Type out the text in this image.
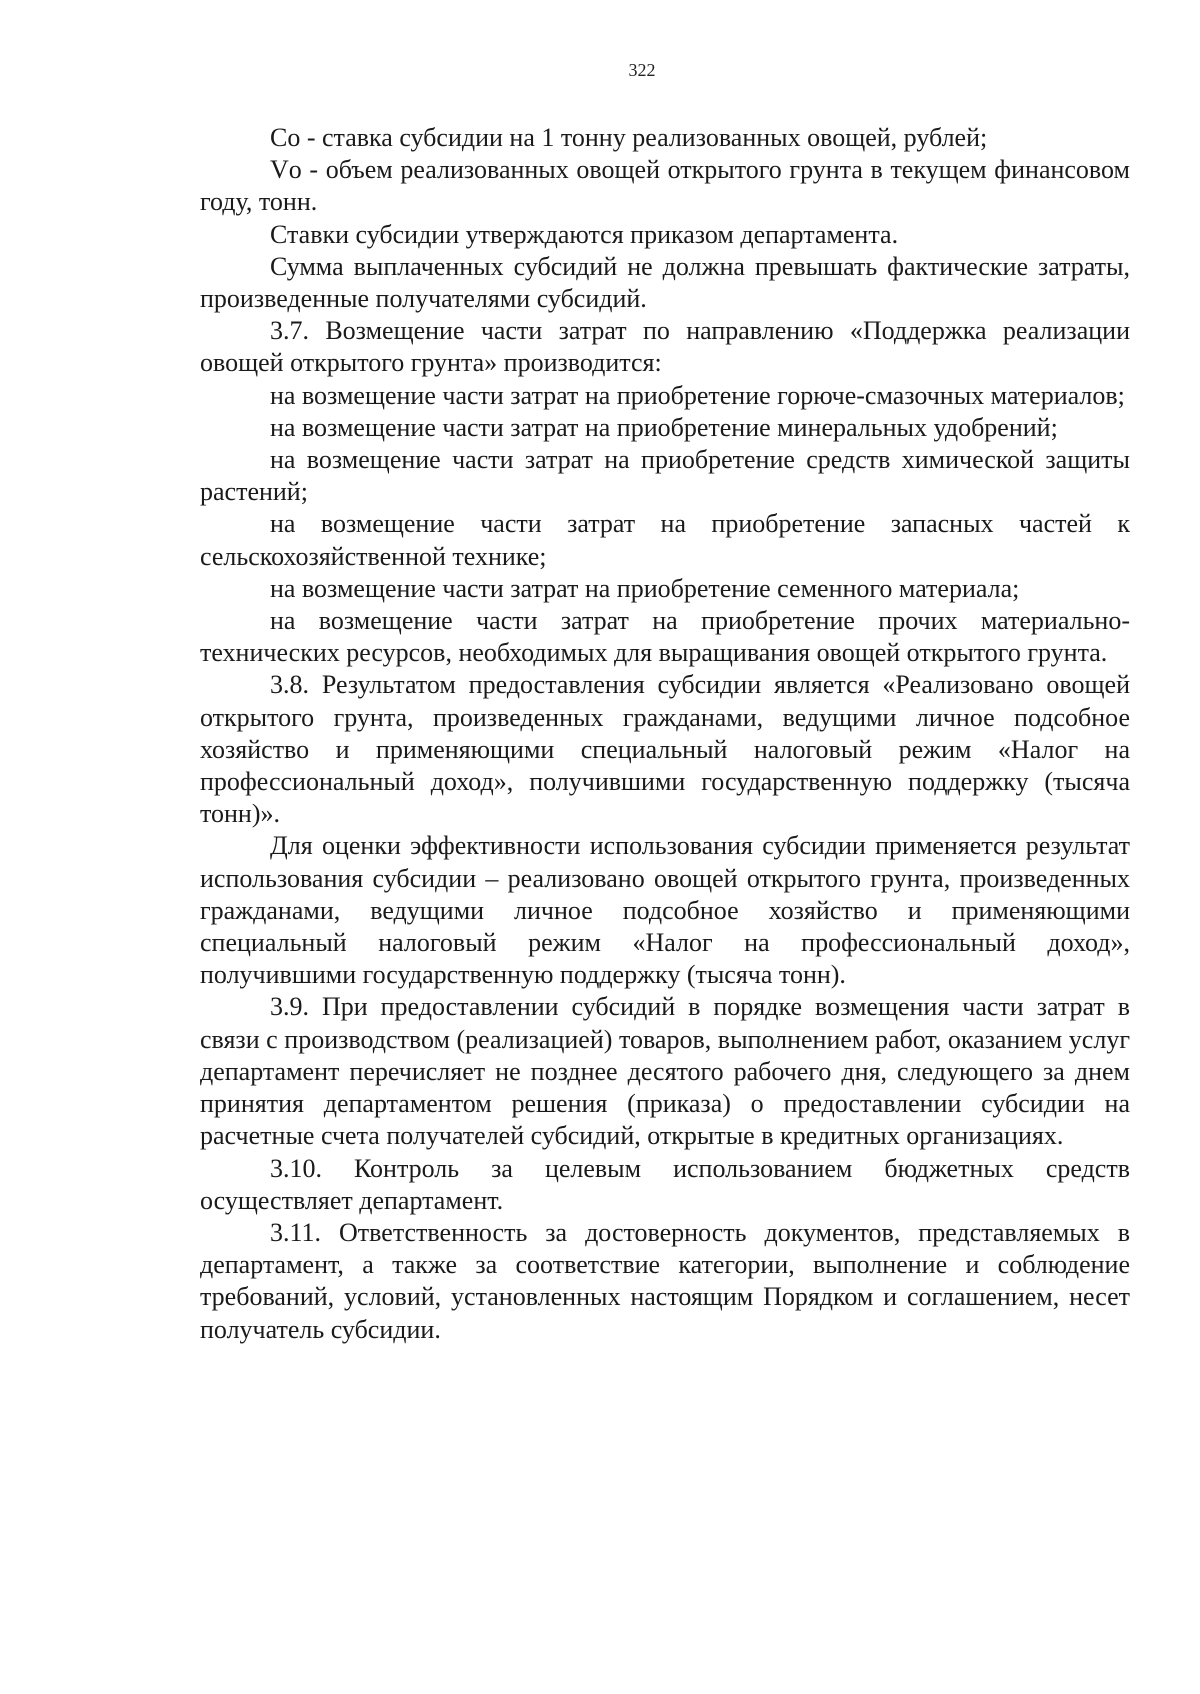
322

Со - ставка субсидии на 1 тонну реализованных овощей, рублей;

Vо - объем реализованных овощей открытого грунта в текущем финансовом году, тонн.

Ставки субсидии утверждаются приказом департамента.

Сумма выплаченных субсидий не должна превышать фактические затраты, произведенные получателями субсидий.

3.7. Возмещение части затрат по направлению «Поддержка реализации овощей открытого грунта» производится:

на возмещение части затрат на приобретение горюче-смазочных материалов;

на возмещение части затрат на приобретение минеральных удобрений;

на возмещение части затрат на приобретение средств химической защиты растений;

на возмещение части затрат на приобретение запасных частей к сельскохозяйственной технике;

на возмещение части затрат на приобретение семенного материала;

на возмещение части затрат на приобретение прочих материально-технических ресурсов, необходимых для выращивания овощей открытого грунта.

3.8. Результатом предоставления субсидии является «Реализовано овощей открытого грунта, произведенных гражданами, ведущими личное подсобное хозяйство и применяющими специальный налоговый режим «Налог на профессиональный доход», получившими государственную поддержку (тысяча тонн)».

Для оценки эффективности использования субсидии применяется результат использования субсидии – реализовано овощей открытого грунта, произведенных гражданами, ведущими личное подсобное хозяйство и применяющими специальный налоговый режим «Налог на профессиональный доход», получившими государственную поддержку (тысяча тонн).

3.9. При предоставлении субсидий в порядке возмещения части затрат в связи с производством (реализацией) товаров, выполнением работ, оказанием услуг департамент перечисляет не позднее десятого рабочего дня, следующего за днем принятия департаментом решения (приказа) о предоставлении субсидии на расчетные счета получателей субсидий, открытые в кредитных организациях.

3.10. Контроль за целевым использованием бюджетных средств осуществляет департамент.

3.11. Ответственность за достоверность документов, представляемых в департамент, а также за соответствие категории, выполнение и соблюдение требований, условий, установленных настоящим Порядком и соглашением, несет получатель субсидии.
